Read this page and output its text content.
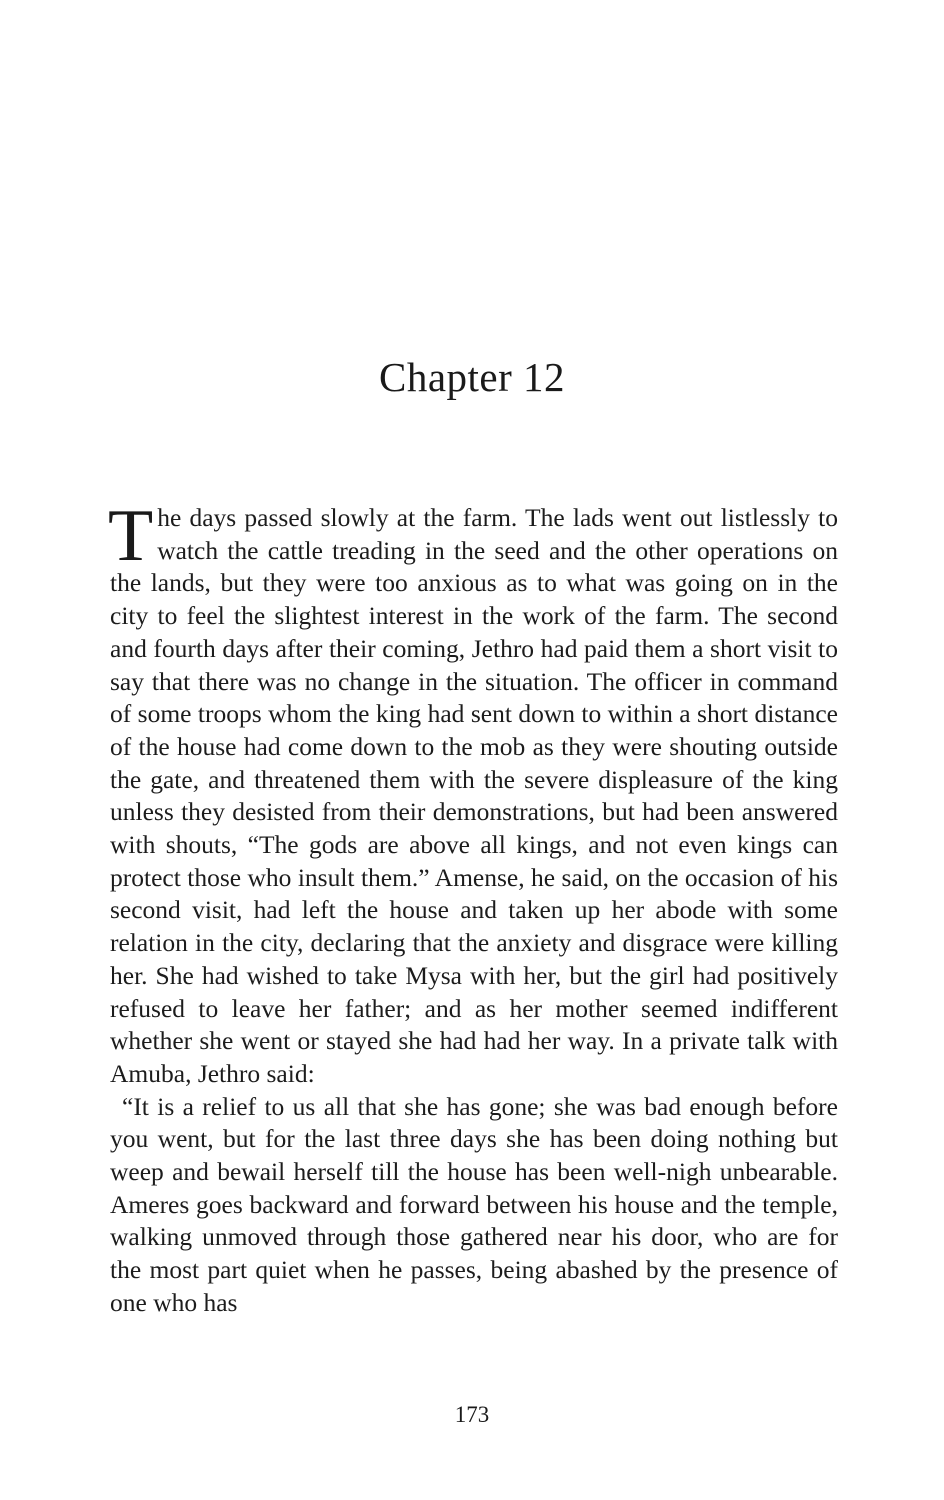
Chapter 12

The days passed slowly at the farm. The lads went out listlessly to watch the cattle treading in the seed and the other operations on the lands, but they were too anxious as to what was going on in the city to feel the slightest interest in the work of the farm. The second and fourth days after their coming, Jethro had paid them a short visit to say that there was no change in the situation. The officer in command of some troops whom the king had sent down to within a short distance of the house had come down to the mob as they were shouting outside the gate, and threatened them with the severe displeasure of the king unless they desisted from their demonstrations, but had been answered with shouts, “The gods are above all kings, and not even kings can protect those who insult them.” Amense, he said, on the occasion of his second visit, had left the house and taken up her abode with some relation in the city, declaring that the anxiety and disgrace were killing her. She had wished to take Mysa with her, but the girl had positively refused to leave her father; and as her mother seemed indifferent whether she went or stayed she had had her way. In a private talk with Amuba, Jethro said:

“It is a relief to us all that she has gone; she was bad enough before you went, but for the last three days she has been doing nothing but weep and bewail herself till the house has been well-nigh unbearable. Ameres goes backward and forward between his house and the temple, walking unmoved through those gathered near his door, who are for the most part quiet when he passes, being abashed by the presence of one who has

173
